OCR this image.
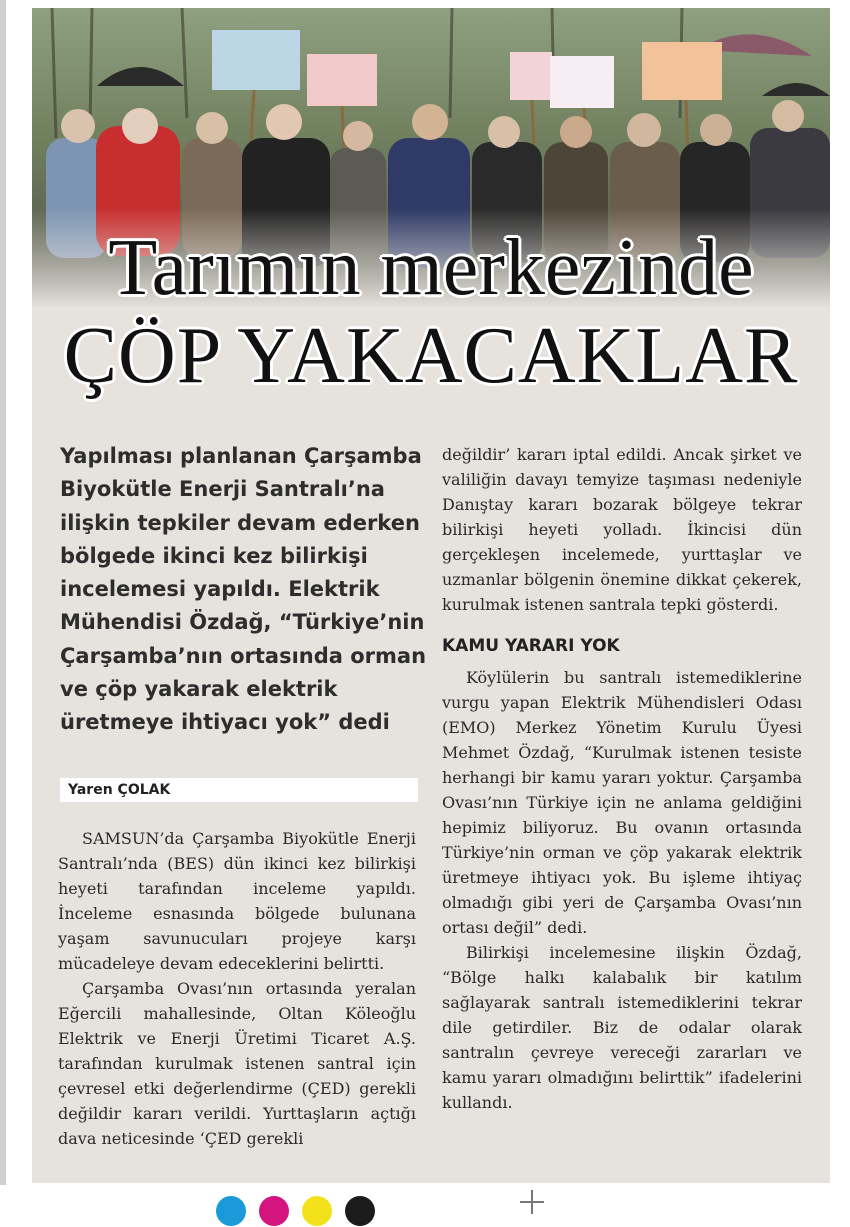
Tarımın merkezinde
ÇÖP YAKACAKLAR
Yapılması planlanan Çarşamba Biyokütle Enerji Santralı’na ilişkin tepkiler devam ederken bölgede ikinci kez bilirkişi incelemesi yapıldı. Elektrik Mühendisi Özdağ, “Türkiye’nin Çarşamba’nın ortasında orman ve çöp yakarak elektrik üretmeye ihtiyacı yok” dedi
Yaren ÇOLAK

SAMSUN’da Çarşamba Biyokütle Enerji Santralı’nda (BES) dün ikinci kez bilirkişi heyeti tarafından inceleme yapıldı. İnceleme esnasında bölgede bulunana yaşam savunucuları projeye karşı mücadeleye devam edeceklerini belirtti.

Çarşamba Ovası’nın ortasında yeralan Eğercili mahallesinde, Oltan Köleoğlu Elektrik ve Enerji Üretimi Ticaret A.Ş. tarafından kurulmak istenen santral için çevresel etki değerlendirme (ÇED) gerekli değildir kararı verildi. Yurttaşların açtığı dava neticesinde ‘ÇED gerekli

değildir’ kararı iptal edildi. Ancak şirket ve valiliğin davayı temyize taşıması nedeniyle Danıştay kararı bozarak bölgeye tekrar bilirkişi heyeti yolladı. İkincisi dün gerçekleşen incelemede, yurttaşlar ve uzmanlar bölgenin önemine dikkat çekerek, kurulmak istenen santrala tepki gösterdi.

KAMU YARARI YOK

Köylülerin bu santralı istemediklerine vurgu yapan Elektrik Mühendisleri Odası (EMO) Merkez Yönetim Kurulu Üyesi Mehmet Özdağ, “Kurulmak istenen tesiste herhangi bir kamu yararı yoktur. Çarşamba Ovası’nın Türkiye için ne anlama geldiğini hepimiz biliyoruz. Bu ovanın ortasında Türkiye’nin orman ve çöp yakarak elektrik üretmeye ihtiyacı yok. Bu işleme ihtiyaç olmadığı gibi yeri de Çarşamba Ovası’nın ortası değil” dedi.

Bilirkişi incelemesine ilişkin Özdağ, “Bölge halkı kalabalık bir katılım sağlayarak santralı istemediklerini tekrar dile getirdiler. Biz de odalar olarak santralın çevreye vereceği zararları ve kamu yararı olmadığını belirttik” ifadelerini kullandı.
